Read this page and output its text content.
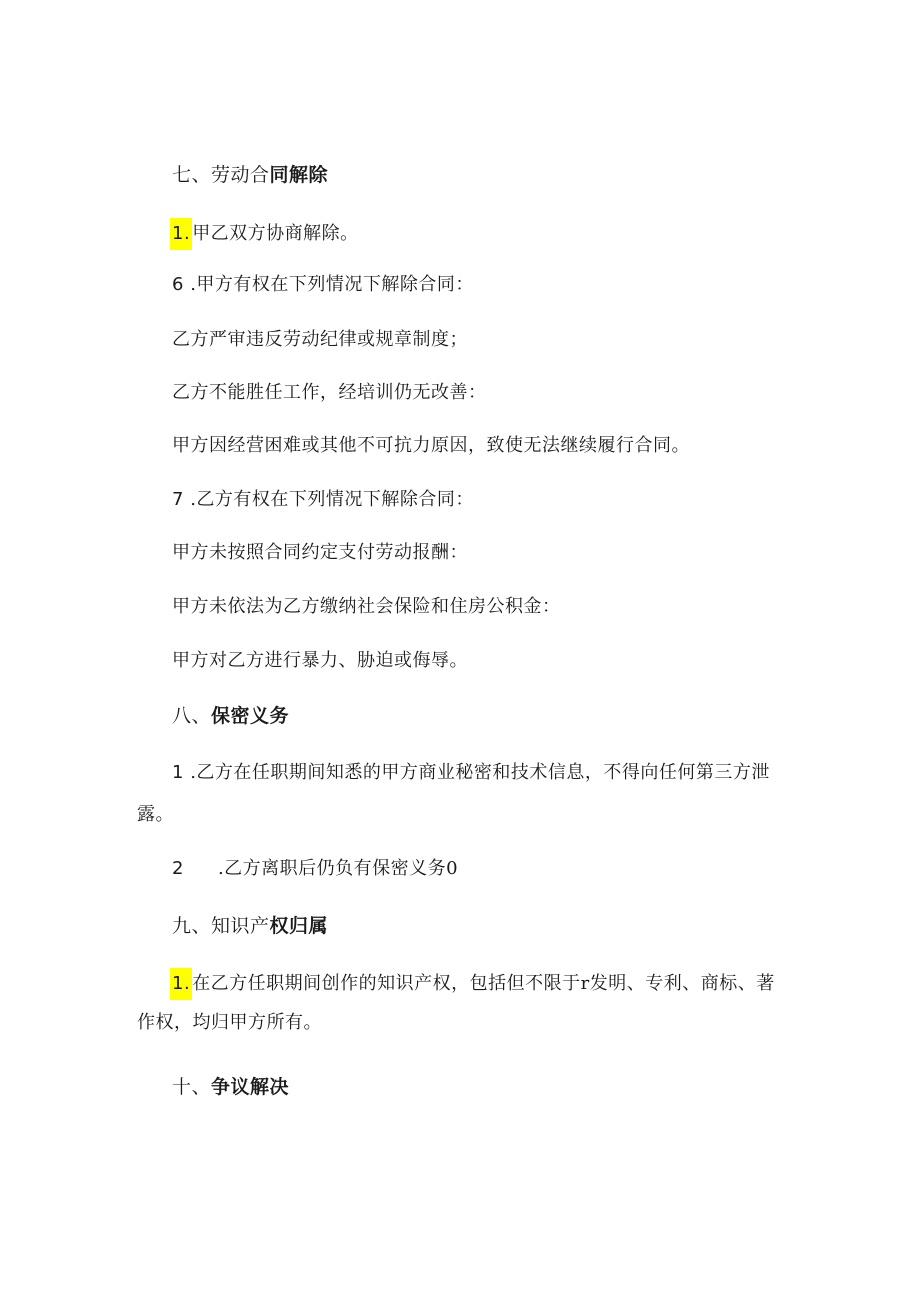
七、劳动合同解除
1. 甲乙双方协商解除。
6 .甲方有权在下列情况下解除合同：
乙方严审违反劳动纪律或规章制度；
乙方不能胜任工作，经培训仍无改善：
甲方因经营困难或其他不可抗力原因，致使无法继续履行合同。
7 .乙方有权在下列情况下解除合同：
甲方未按照合同约定支付劳动报酬：
甲方未依法为乙方缴纳社会保险和住房公积金：
甲方对乙方进行暴力、胁迫或侮辱。
八、保密义务
1 .乙方在任职期间知悉的甲方商业秘密和技术信息，不得向任何第三方泄
露。
2 .乙方离职后仍负有保密义务0
九、知识产权归属
1. 在乙方任职期间创作的知识产权，包括但不限于r发明、专利、商标、著
作权，均归甲方所有。
十、争议解决
